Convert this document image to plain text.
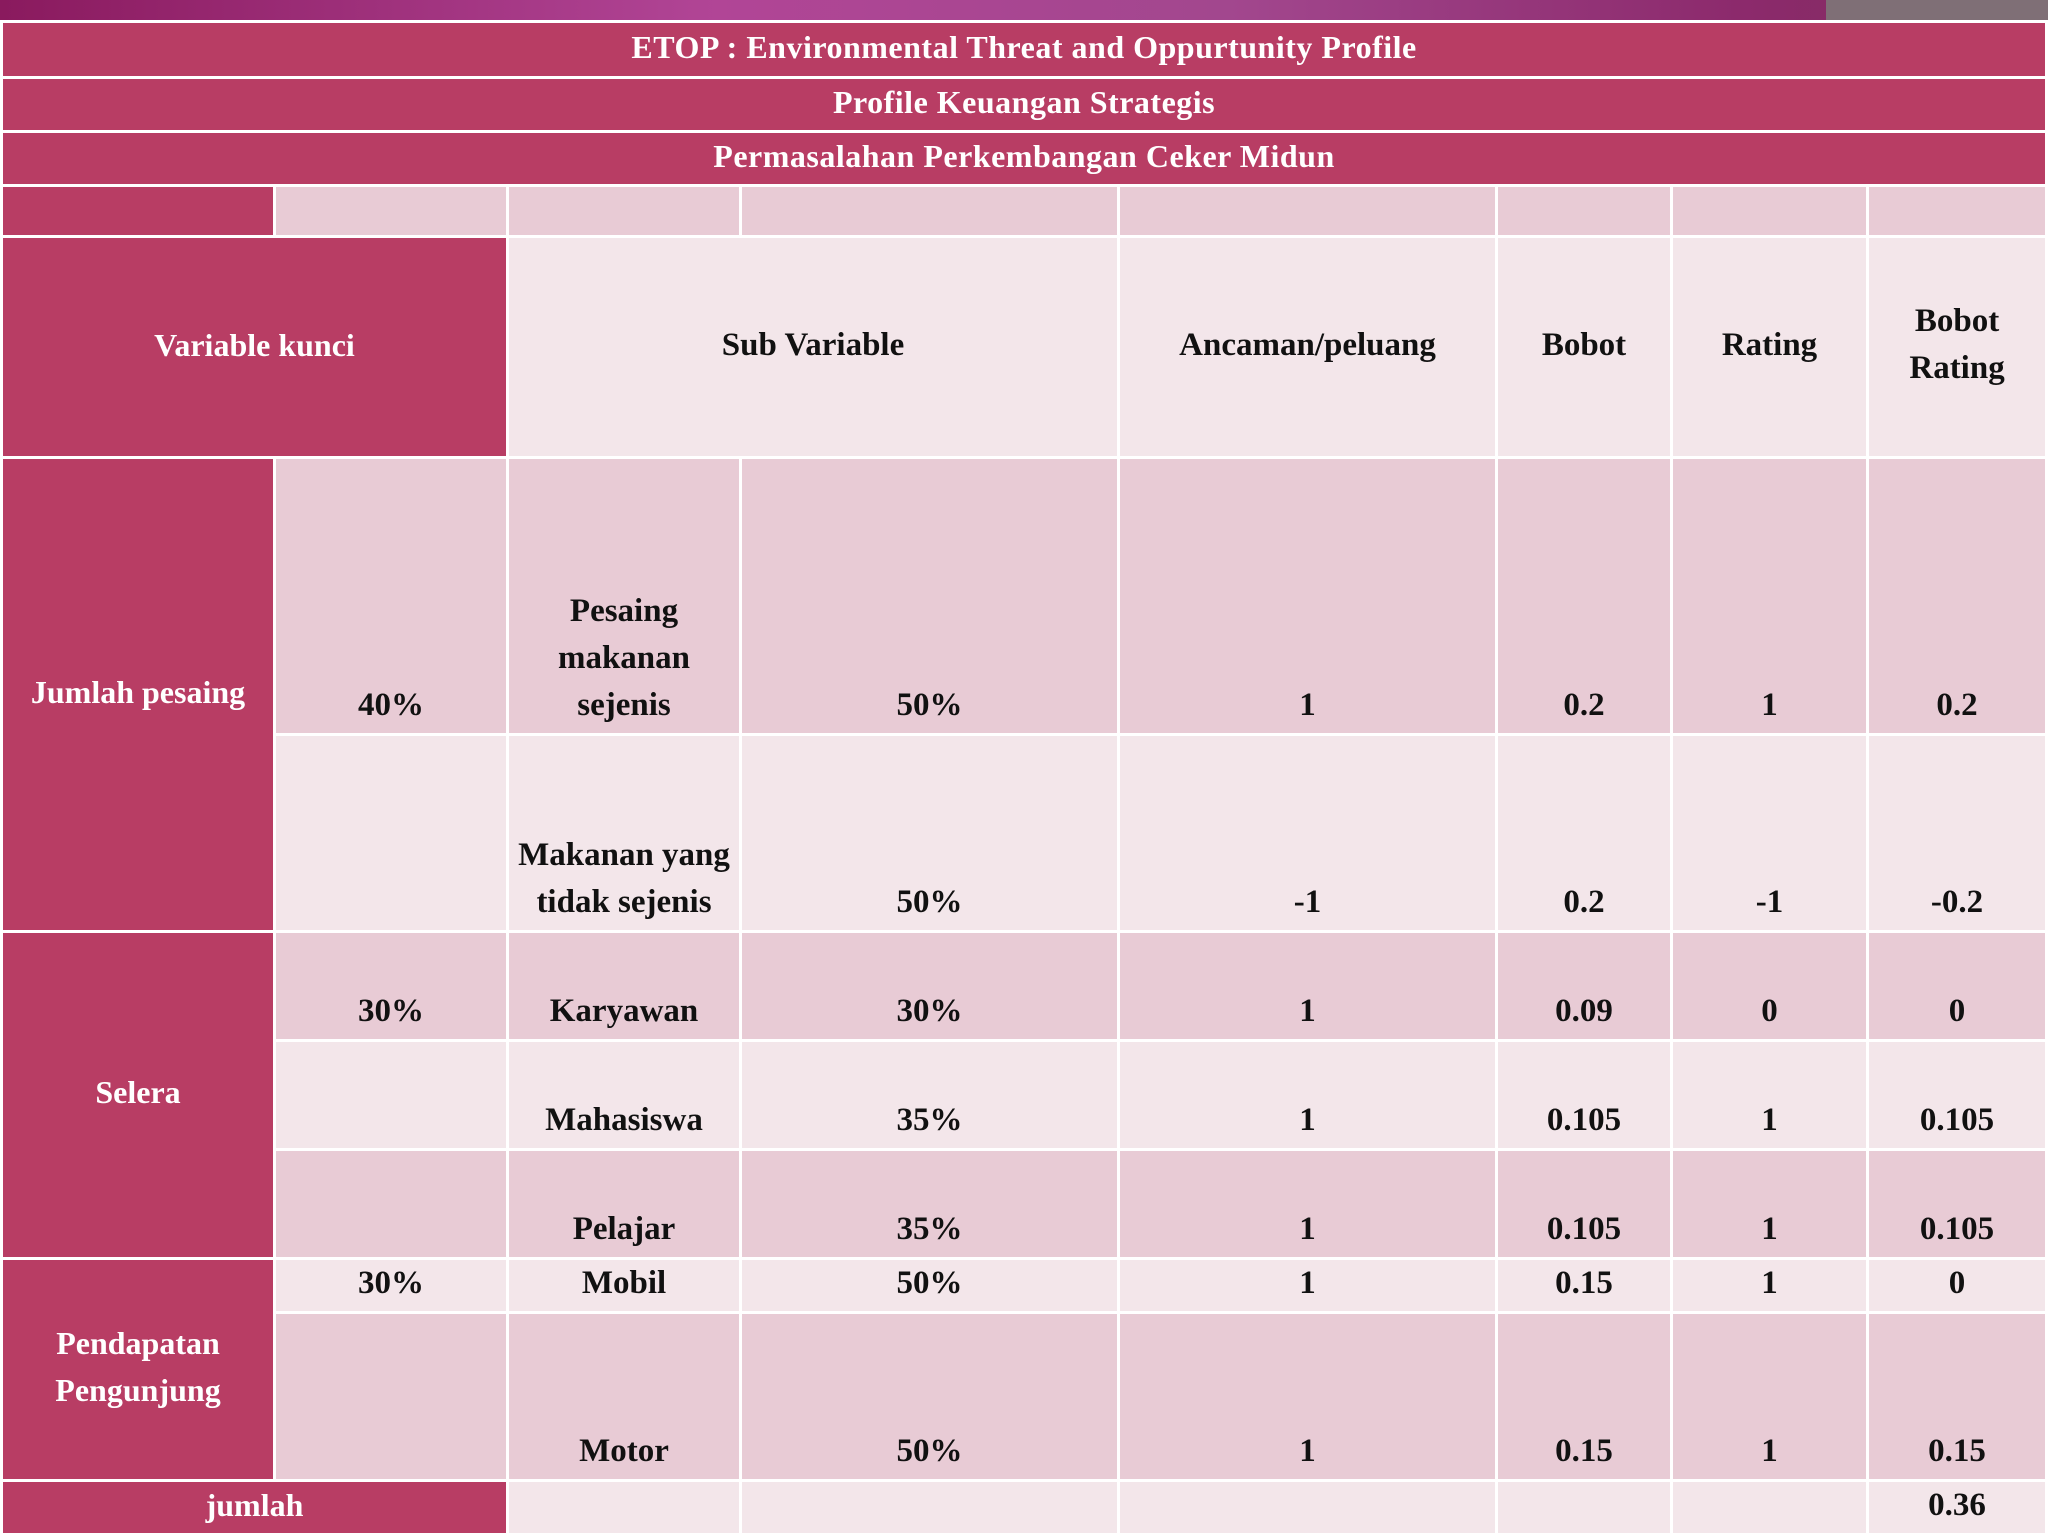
ETOP : Environmental Threat and Oppurtunity Profile							
Profile Keuangan Strategis							
Permasalahan Perkembangan Ceker Midun							

Variable kunci		Sub Variable		Ancaman/peluang	Bobot	Rating	Bobot Rating
Jumlah pesaing	40%	Pesaing makanan sejenis	50%	1	0.2	1	0.2
		Makanan yang tidak sejenis	50%	-1	0.2	-1	-0.2
Selera	30%	Karyawan	30%	1	0.09	0	0
		Mahasiswa	35%	1	0.105	1	0.105
		Pelajar	35%	1	0.105	1	0.105
Pendapatan Pengunjung	30%	Mobil	50%	1	0.15	1	0
		Motor	50%	1	0.15	1	0.15
jumlah							0.36
